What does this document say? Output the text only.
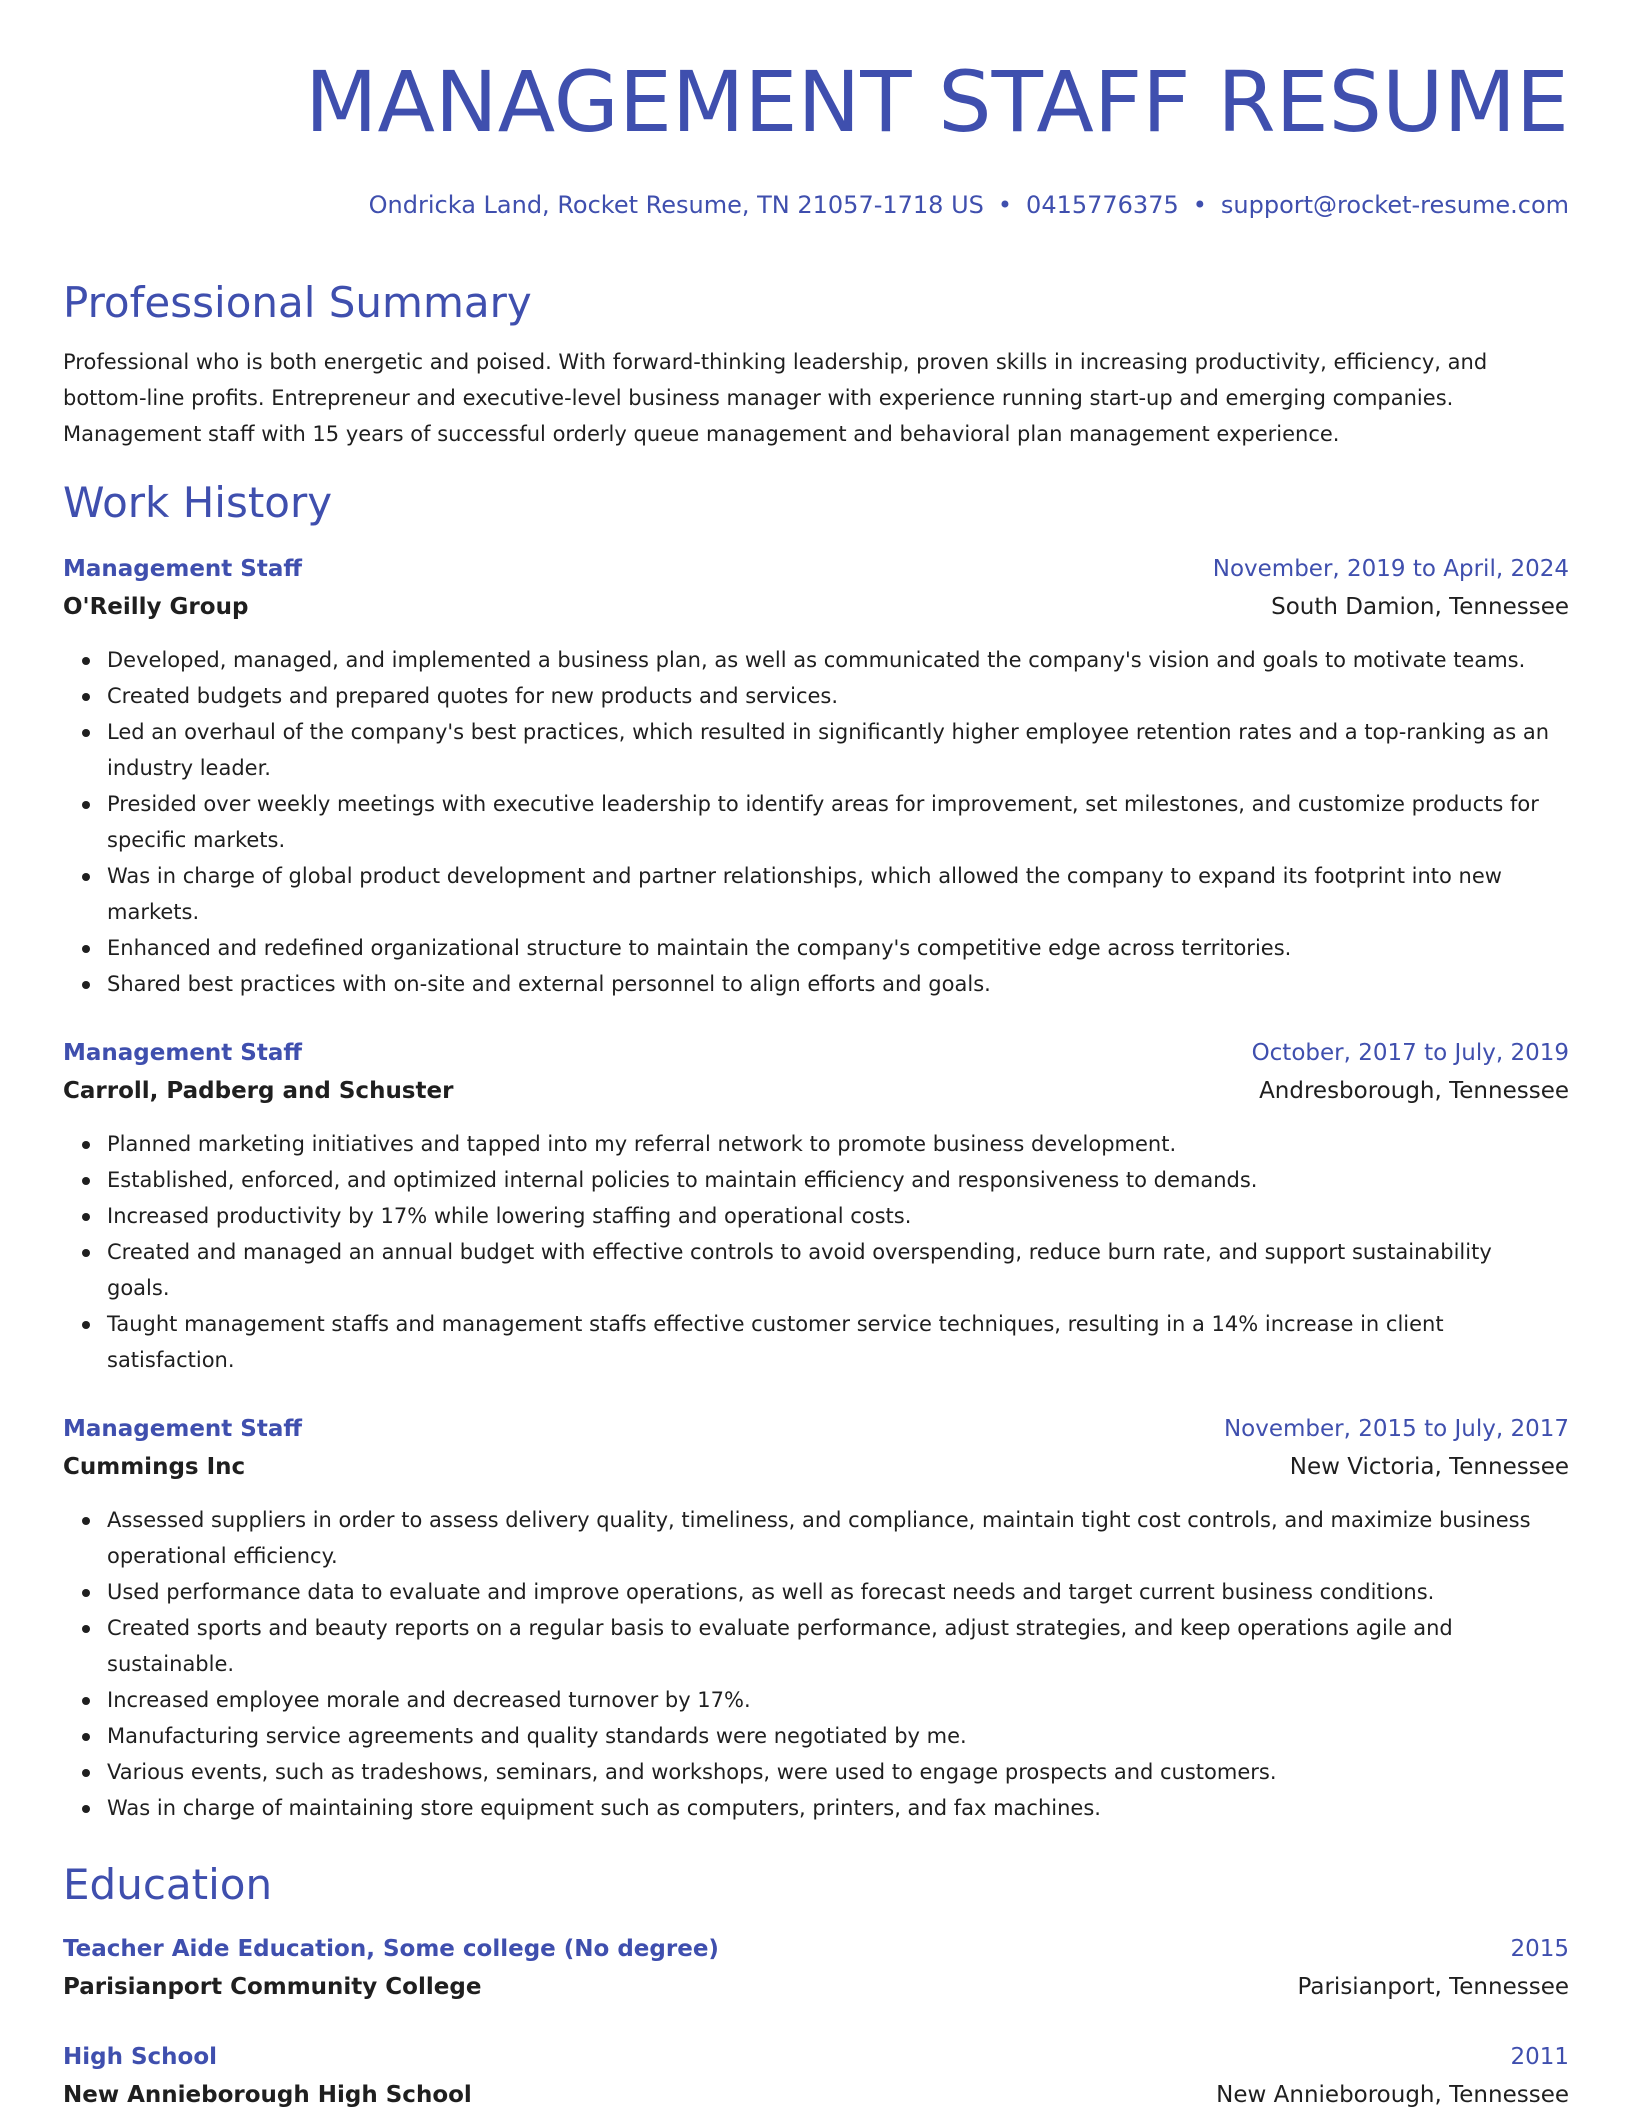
MANAGEMENT STAFF RESUME
Ondricka Land, Rocket Resume, TN 21057-1718 US • 0415776375 • support@rocket-resume.com
Professional Summary

Professional who is both energetic and poised. With forward-thinking leadership, proven skills in increasing productivity, efficiency, and bottom-line profits. Entrepreneur and executive-level business manager with experience running start-up and emerging companies. Management staff with 15 years of successful orderly queue management and behavioral plan management experience.

Work History
Management Staff	November, 2019 to April, 2024
O'Reilly Group	South Damion, Tennessee
Developed, managed, and implemented a business plan, as well as communicated the company's vision and goals to motivate teams.
Created budgets and prepared quotes for new products and services.
Led an overhaul of the company's best practices, which resulted in significantly higher employee retention rates and a top-ranking as an industry leader.
Presided over weekly meetings with executive leadership to identify areas for improvement, set milestones, and customize products for specific markets.
Was in charge of global product development and partner relationships, which allowed the company to expand its footprint into new markets.
Enhanced and redefined organizational structure to maintain the company's competitive edge across territories.
Shared best practices with on-site and external personnel to align efforts and goals.
Management Staff	October, 2017 to July, 2019
Carroll, Padberg and Schuster	Andresborough, Tennessee
Planned marketing initiatives and tapped into my referral network to promote business development.
Established, enforced, and optimized internal policies to maintain efficiency and responsiveness to demands.
Increased productivity by 17% while lowering staffing and operational costs.
Created and managed an annual budget with effective controls to avoid overspending, reduce burn rate, and support sustainability goals.
Taught management staffs and management staffs effective customer service techniques, resulting in a 14% increase in client satisfaction.
Management Staff	November, 2015 to July, 2017
Cummings Inc	New Victoria, Tennessee
Assessed suppliers in order to assess delivery quality, timeliness, and compliance, maintain tight cost controls, and maximize business operational efficiency.
Used performance data to evaluate and improve operations, as well as forecast needs and target current business conditions.
Created sports and beauty reports on a regular basis to evaluate performance, adjust strategies, and keep operations agile and sustainable.
Increased employee morale and decreased turnover by 17%.
Manufacturing service agreements and quality standards were negotiated by me.
Various events, such as tradeshows, seminars, and workshops, were used to engage prospects and customers.
Was in charge of maintaining store equipment such as computers, printers, and fax machines.
Education
Teacher Aide Education, Some college (No degree)	2015
Parisianport Community College	Parisianport, Tennessee
High School	2011
New Annieborough High School	New Annieborough, Tennessee
